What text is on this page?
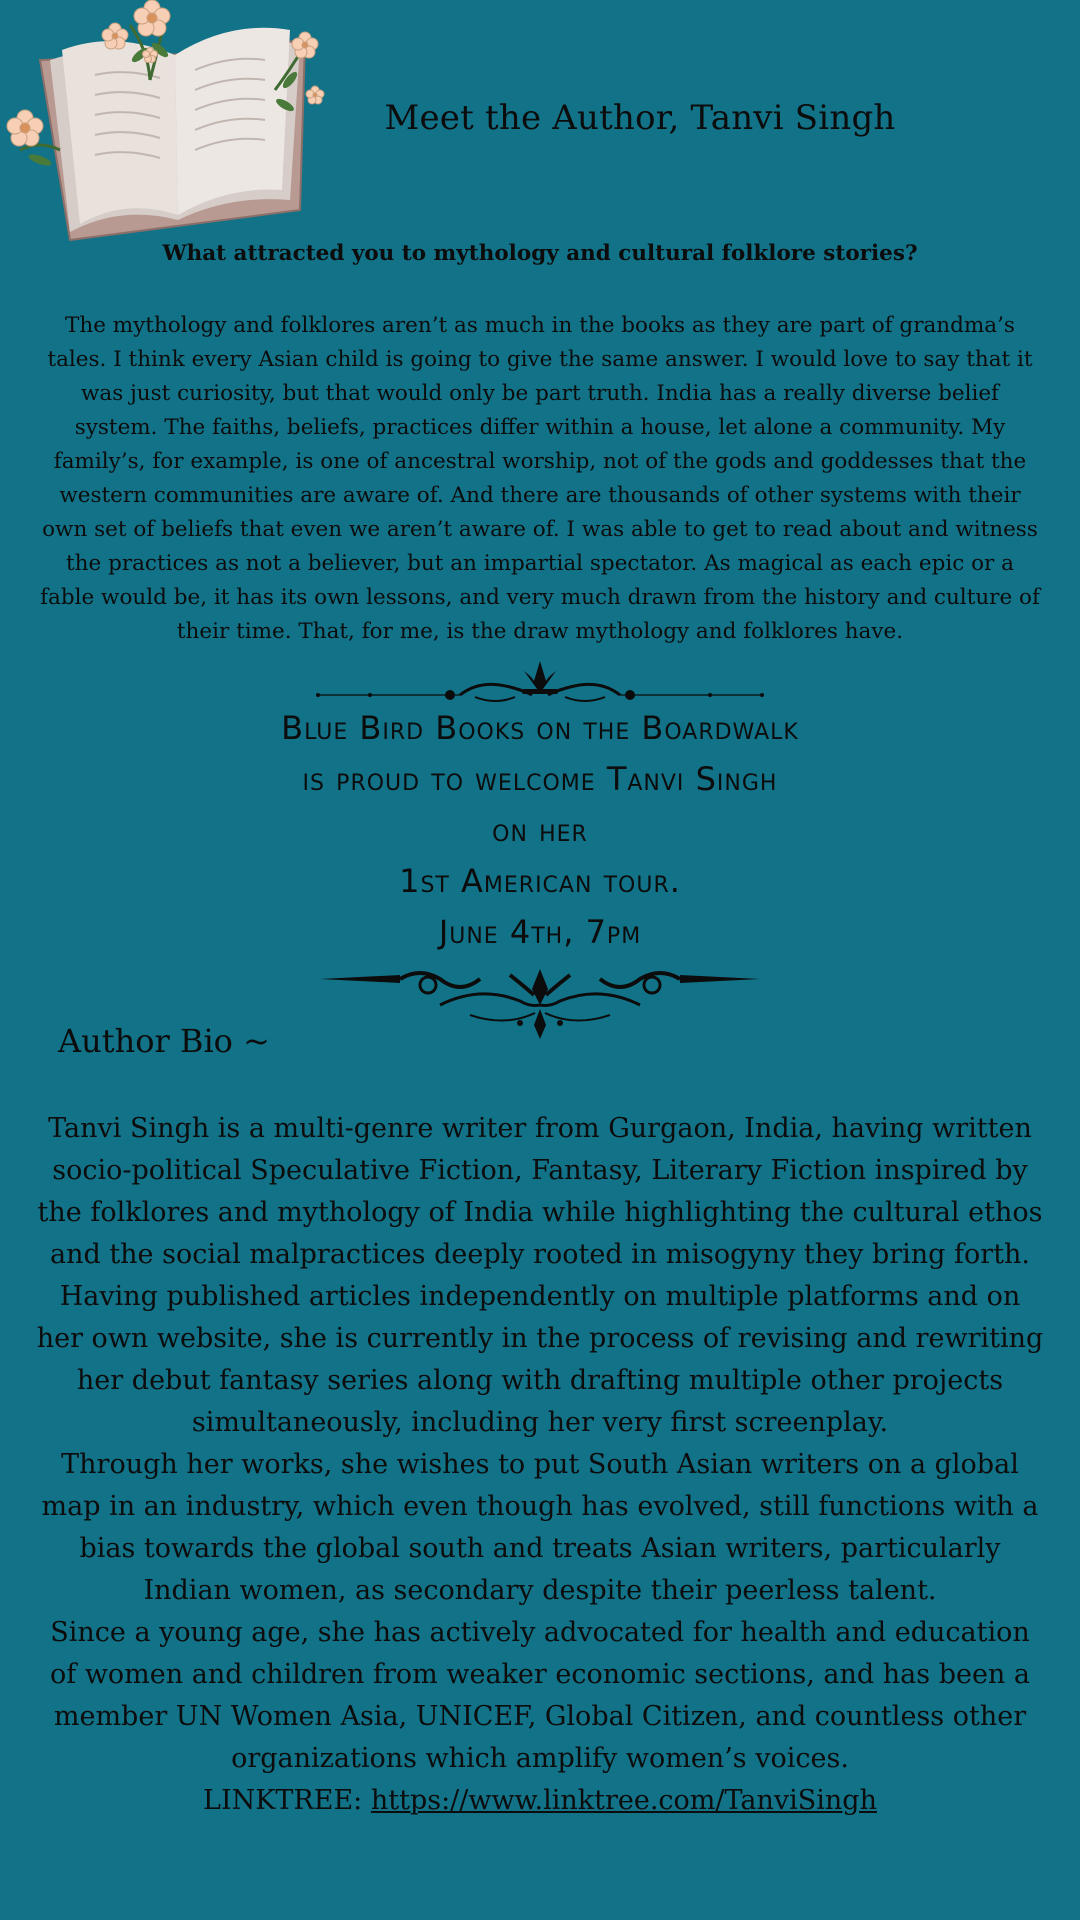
Meet the Author, Tanvi Singh

What attracted you to mythology and cultural folklore stories?

The mythology and folklores aren’t as much in the books as they are part of grandma’s tales. I think every Asian child is going to give the same answer. I would love to say that it was just curiosity, but that would only be part truth. India has a really diverse belief system. The faiths, beliefs, practices differ within a house, let alone a community. My family’s, for example, is one of ancestral worship, not of the gods and goddesses that the western communities are aware of. And there are thousands of other systems with their own set of beliefs that even we aren’t aware of. I was able to get to read about and witness the practices as not a believer, but an impartial spectator. As magical as each epic or a fable would be, it has its own lessons, and very much drawn from the history and culture of their time. That, for me, is the draw mythology and folklores have.

Blue Bird Books on the Boardwalk
is proud to welcome Tanvi Singh
on her
1st American tour.
June 4th, 7pm
Author Bio ~

Tanvi Singh is a multi-genre writer from Gurgaon, India, having written socio-political Speculative Fiction, Fantasy, Literary Fiction inspired by the folklores and mythology of India while highlighting the cultural ethos and the social malpractices deeply rooted in misogyny they bring forth. Having published articles independently on multiple platforms and on her own website, she is currently in the process of revising and rewriting her debut fantasy series along with drafting multiple other projects simultaneously, including her very first screenplay.

Through her works, she wishes to put South Asian writers on a global map in an industry, which even though has evolved, still functions with a bias towards the global south and treats Asian writers, particularly Indian women, as secondary despite their peerless talent.

Since a young age, she has actively advocated for health and education of women and children from weaker economic sections, and has been a member UN Women Asia, UNICEF, Global Citizen, and countless other organizations which amplify women’s voices.

LINKTREE: https://www.linktree.com/TanviSingh
